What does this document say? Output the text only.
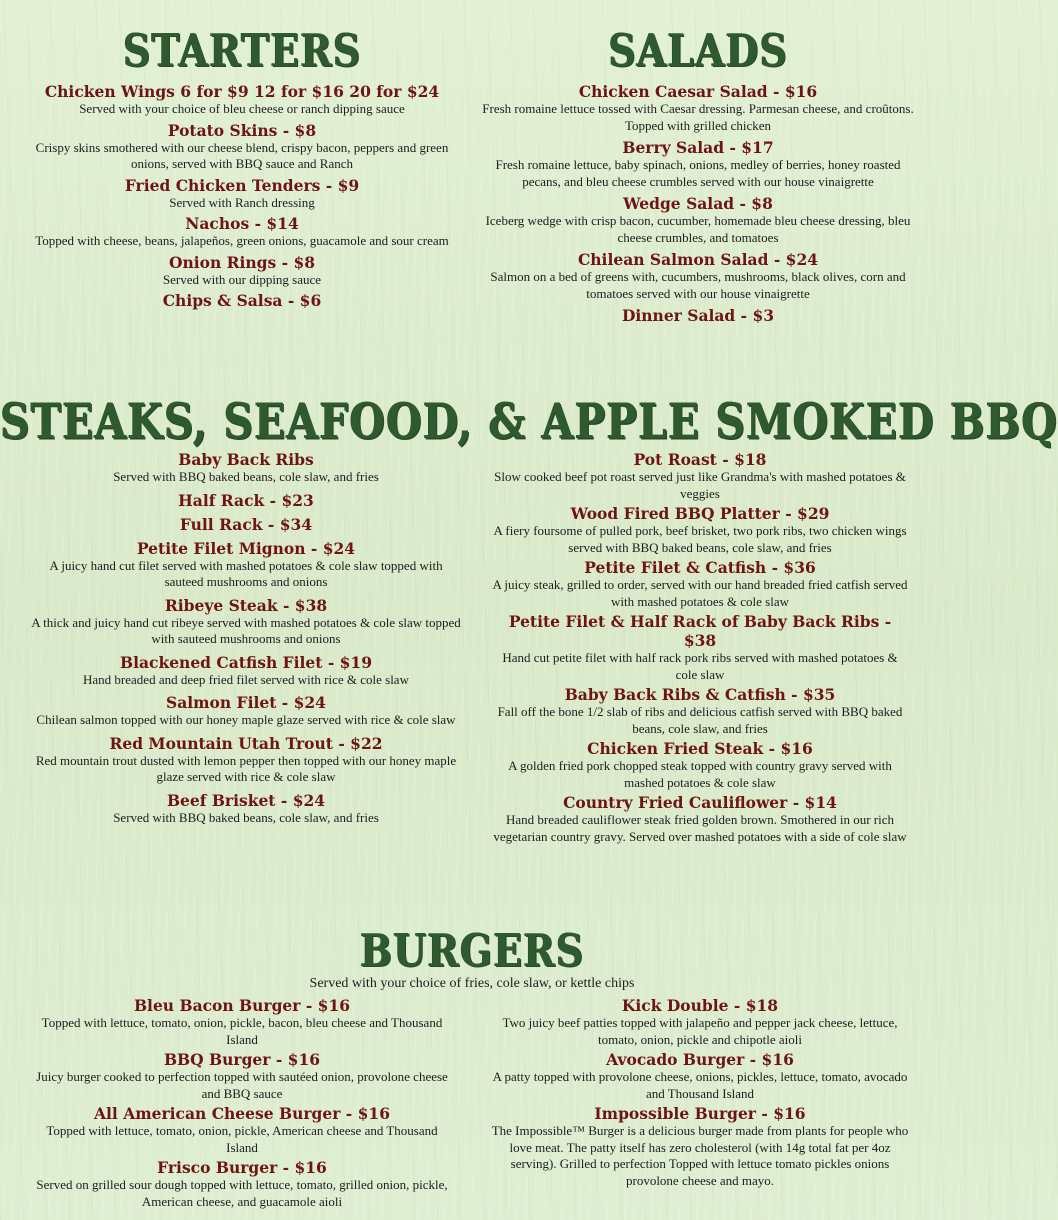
STARTERS
Chicken Wings 6 for $9 12 for $16 20 for $24
Served with your choice of bleu cheese or ranch dipping sauce
Potato Skins - $8
Crispy skins smothered with our cheese blend, crispy bacon, peppers and green onions, served with BBQ sauce and Ranch
Fried Chicken Tenders - $9
Served with Ranch dressing
Nachos - $14
Topped with cheese, beans, jalapeños, green onions, guacamole and sour cream
Onion Rings - $8
Served with our dipping sauce
Chips & Salsa - $6
SALADS
Chicken Caesar Salad - $16
Fresh romaine lettuce tossed with Caesar dressing. Parmesan cheese, and croûtons. Topped with grilled chicken
Berry Salad - $17
Fresh romaine lettuce, baby spinach, onions, medley of berries, honey roasted pecans, and bleu cheese crumbles served with our house vinaigrette
Wedge Salad - $8
Iceberg wedge with crisp bacon, cucumber, homemade bleu cheese dressing, bleu cheese crumbles, and tomatoes
Chilean Salmon Salad - $24
Salmon on a bed of greens with, cucumbers, mushrooms, black olives, corn and tomatoes served with our house vinaigrette
Dinner Salad - $3
STEAKS, SEAFOOD, & APPLE SMOKED BBQ
Baby Back Ribs
Served with BBQ baked beans, cole slaw, and fries
Half Rack - $23
Full Rack - $34
Petite Filet Mignon - $24
A juicy hand cut filet served with mashed potatoes & cole slaw topped with sauteed mushrooms and onions
Ribeye Steak - $38
A thick and juicy hand cut ribeye served with mashed potatoes & cole slaw topped with sauteed mushrooms and onions
Blackened Catfish Filet - $19
Hand breaded and deep fried filet served with rice & cole slaw
Salmon Filet - $24
Chilean salmon topped with our honey maple glaze served with rice & cole slaw
Red Mountain Utah Trout - $22
Red mountain trout dusted with lemon pepper then topped with our honey maple glaze served with rice & cole slaw
Beef Brisket - $24
Served with BBQ baked beans, cole slaw, and fries
Pot Roast - $18
Slow cooked beef pot roast served just like Grandma's with mashed potatoes & veggies
Wood Fired BBQ Platter - $29
A fiery foursome of pulled pork, beef brisket, two pork ribs, two chicken wings served with BBQ baked beans, cole slaw, and fries
Petite Filet & Catfish - $36
A juicy steak, grilled to order, served with our hand breaded fried catfish served with mashed potatoes & cole slaw
Petite Filet & Half Rack of Baby Back Ribs - $38
Hand cut petite filet with half rack pork ribs served with mashed potatoes & cole slaw
Baby Back Ribs & Catfish - $35
Fall off the bone 1/2 slab of ribs and delicious catfish served with BBQ baked beans, cole slaw, and fries
Chicken Fried Steak - $16
A golden fried pork chopped steak topped with country gravy served with mashed potatoes & cole slaw
Country Fried Cauliflower - $14
Hand breaded cauliflower steak fried golden brown. Smothered in our rich vegetarian country gravy. Served over mashed potatoes with a side of cole slaw
BURGERS
Served with your choice of fries, cole slaw, or kettle chips
Bleu Bacon Burger - $16
Topped with lettuce, tomato, onion, pickle, bacon, bleu cheese and Thousand Island
BBQ Burger - $16
Juicy burger cooked to perfection topped with sautéed onion, provolone cheese and BBQ sauce
All American Cheese Burger - $16
Topped with lettuce, tomato, onion, pickle, American cheese and Thousand Island
Frisco Burger - $16
Served on grilled sour dough topped with lettuce, tomato, grilled onion, pickle, American cheese, and guacamole aioli
Kick Double - $18
Two juicy beef patties topped with jalapeño and pepper jack cheese, lettuce, tomato, onion, pickle and chipotle aioli
Avocado Burger - $16
A patty topped with provolone cheese, onions, pickles, lettuce, tomato, avocado and Thousand Island
Impossible Burger - $16
The Impossible™ Burger is a delicious burger made from plants for people who love meat. The patty itself has zero cholesterol (with 14g total fat per 4oz serving). Grilled to perfection Topped with lettuce tomato pickles onions provolone cheese and mayo.
